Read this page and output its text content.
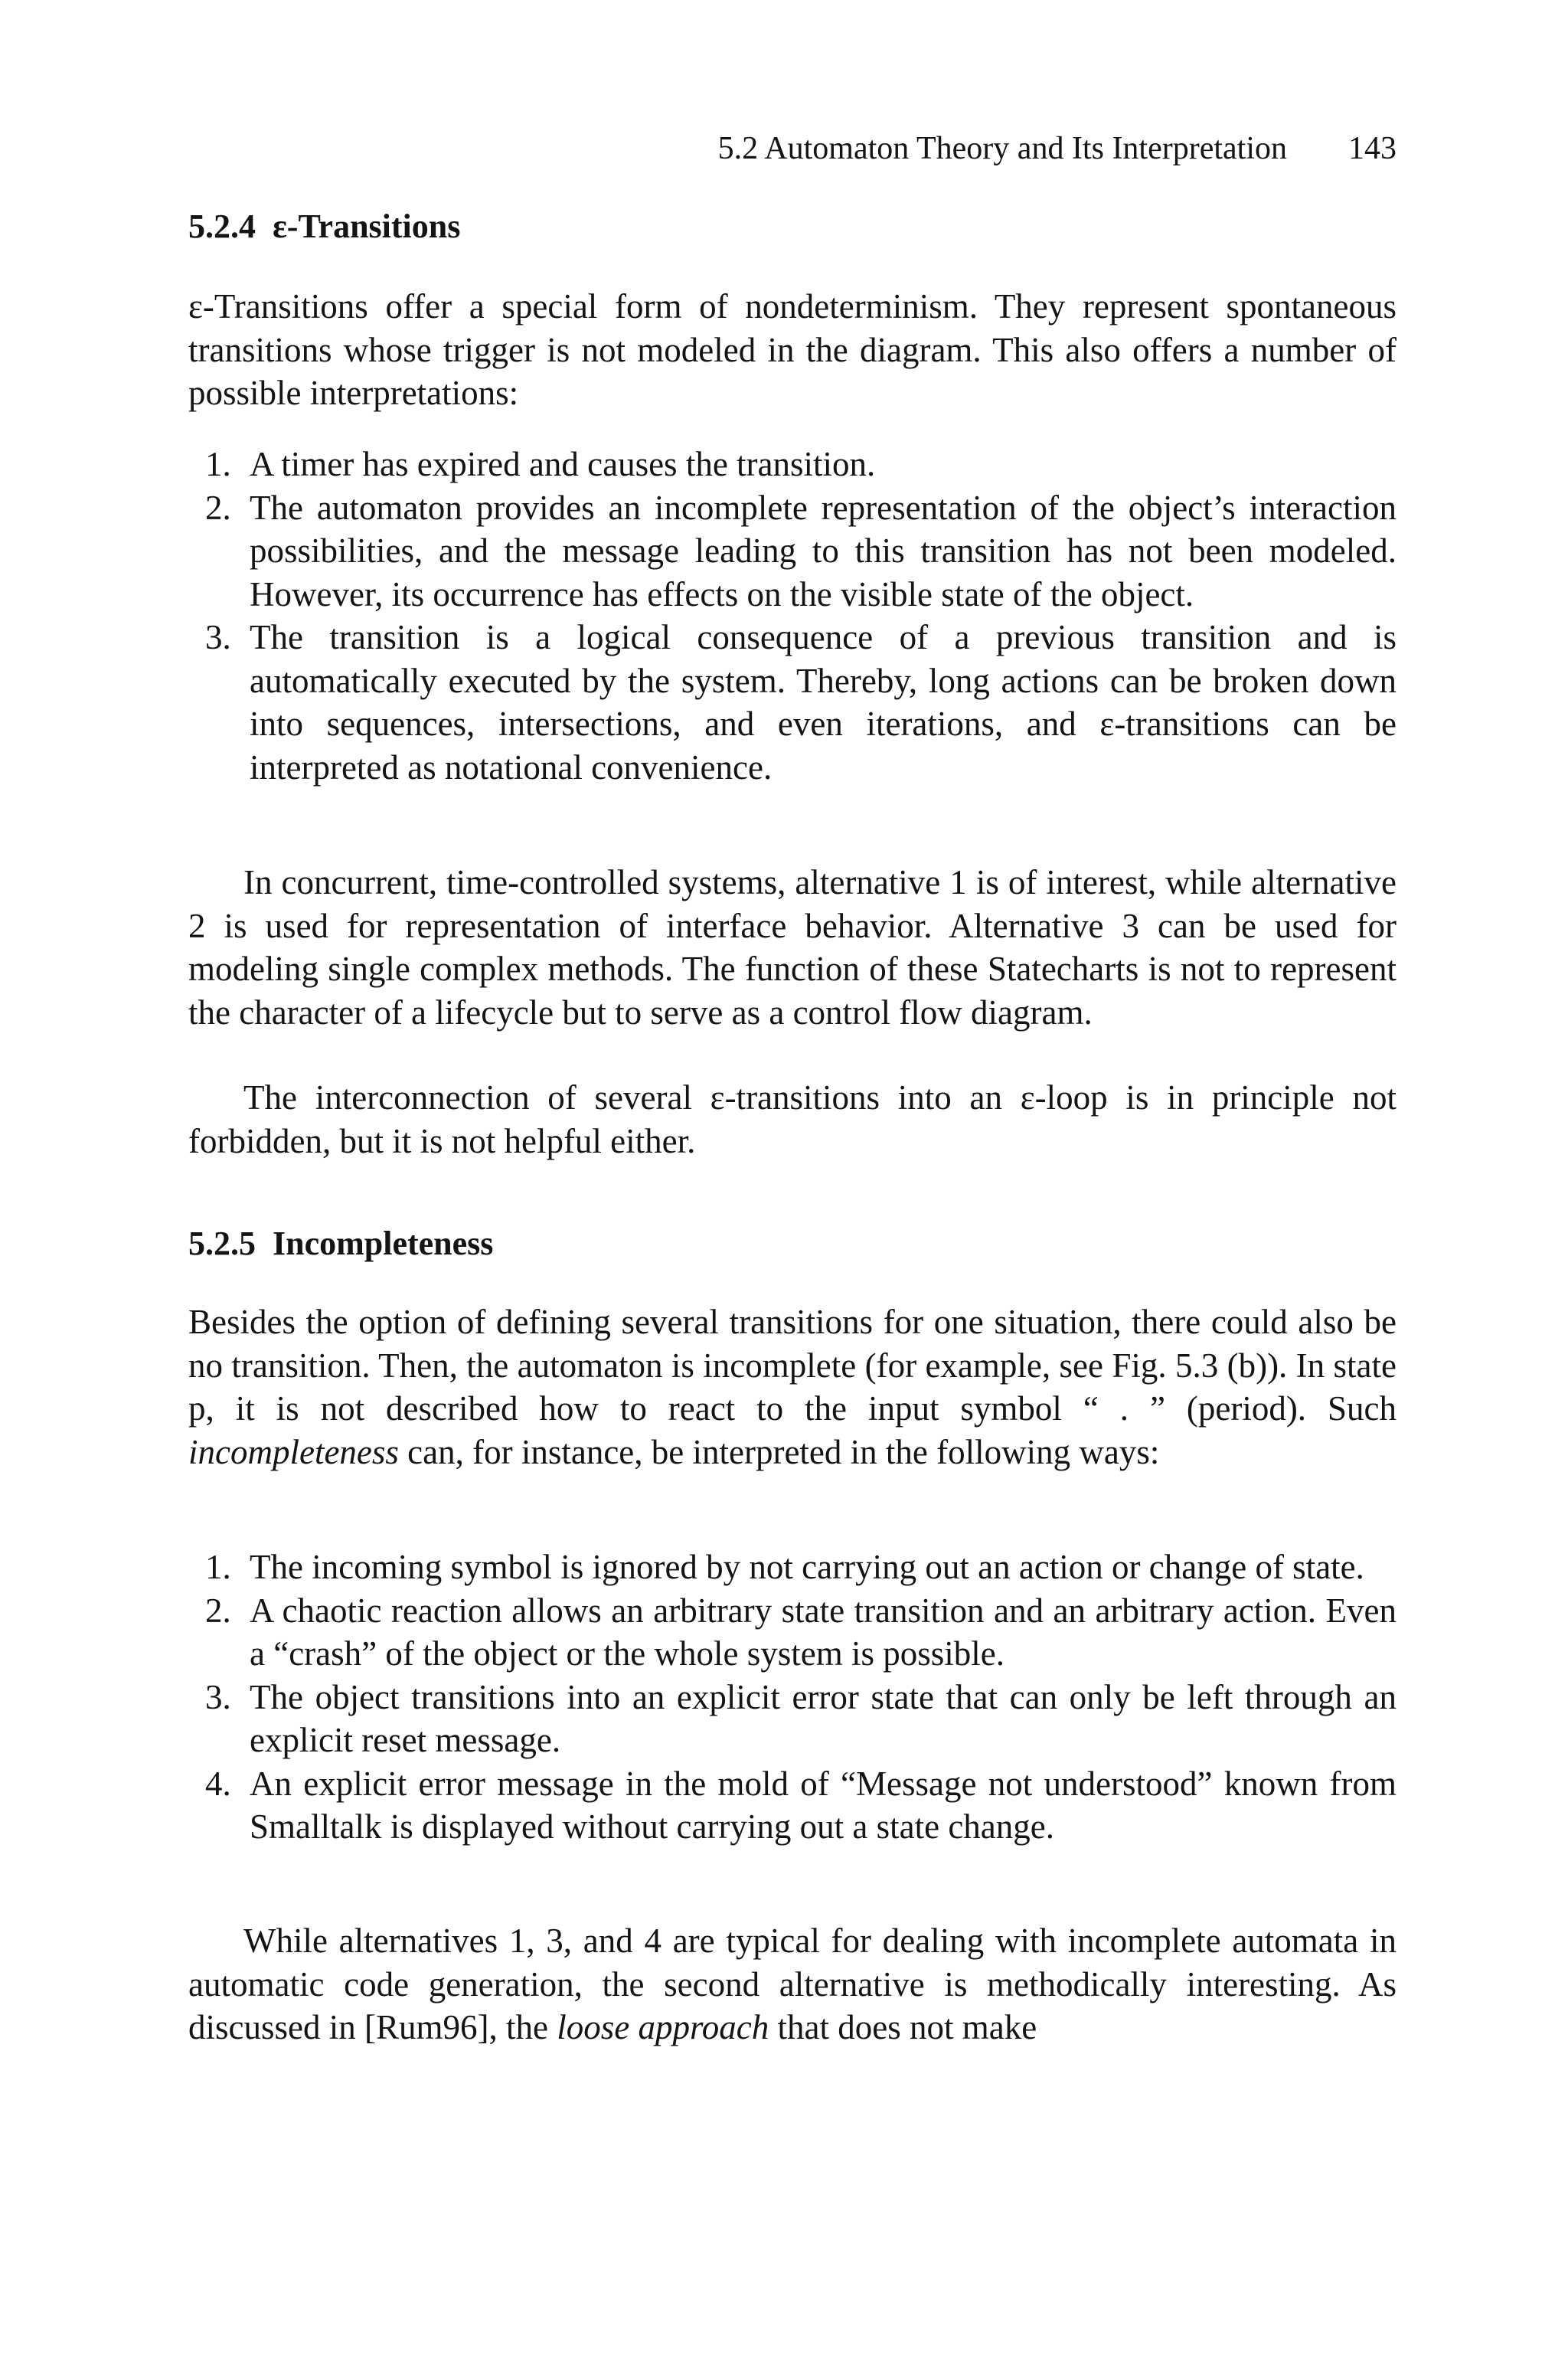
5.2 Automaton Theory and Its Interpretation 143
5.2.4 ε-Transitions

ε-Transitions offer a special form of nondeterminism. They represent spontaneous transitions whose trigger is not modeled in the diagram. This also offers a number of possible interpretations:

1. A timer has expired and causes the transition.
2. The automaton provides an incomplete representation of the object’s interaction possibilities, and the message leading to this transition has not been modeled. However, its occurrence has effects on the visible state of the object.
3. The transition is a logical consequence of a previous transition and is automatically executed by the system. Thereby, long actions can be broken down into sequences, intersections, and even iterations, and ε-transitions can be interpreted as notational convenience.

In concurrent, time-controlled systems, alternative 1 is of interest, while alternative 2 is used for representation of interface behavior. Alternative 3 can be used for modeling single complex methods. The function of these Statecharts is not to represent the character of a lifecycle but to serve as a control flow diagram.

The interconnection of several ε-transitions into an ε-loop is in principle not forbidden, but it is not helpful either.

5.2.5 Incompleteness

Besides the option of defining several transitions for one situation, there could also be no transition. Then, the automaton is incomplete (for example, see Fig. 5.3 (b)). In state p, it is not described how to react to the input symbol “ . ” (period). Such incompleteness can, for instance, be interpreted in the following ways:

1. The incoming symbol is ignored by not carrying out an action or change of state.
2. A chaotic reaction allows an arbitrary state transition and an arbitrary action. Even a “crash” of the object or the whole system is possible.
3. The object transitions into an explicit error state that can only be left through an explicit reset message.
4. An explicit error message in the mold of “Message not understood” known from Smalltalk is displayed without carrying out a state change.

While alternatives 1, 3, and 4 are typical for dealing with incomplete automata in automatic code generation, the second alternative is methodically interesting. As discussed in [Rum96], the loose approach that does not make
